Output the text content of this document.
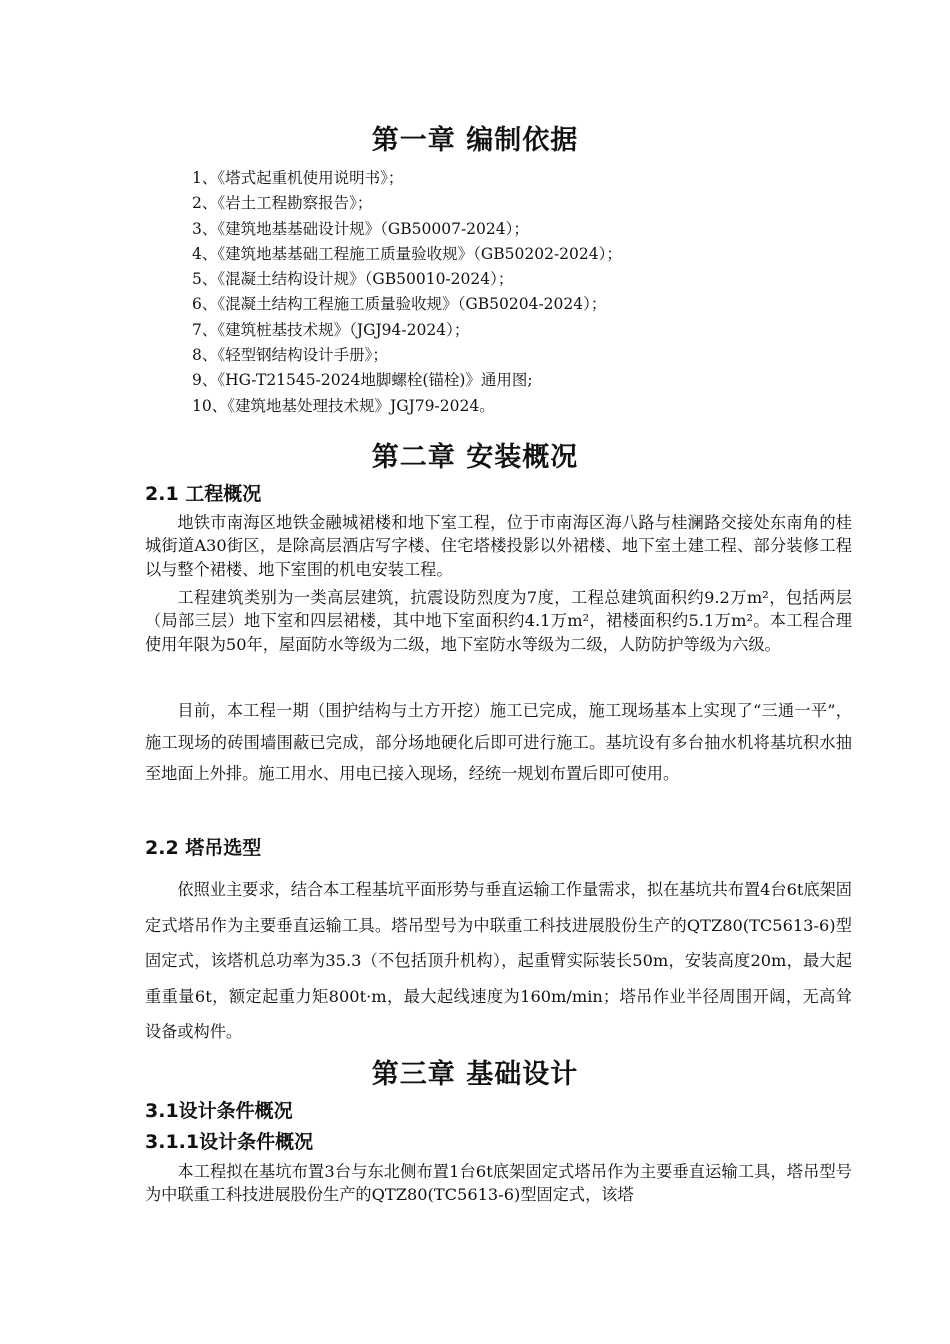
第一章 编制依据
1、《塔式起重机使用说明书》；
2、《岩土工程勘察报告》；
3、《建筑地基基础设计规》（GB50007-2024）；
4、《建筑地基基础工程施工质量验收规》（GB50202-2024）；
5、《混凝土结构设计规》（GB50010-2024）；
6、《混凝土结构工程施工质量验收规》（GB50204-2024）；
7、《建筑桩基技术规》（JGJ94-2024）；
8、《轻型钢结构设计手册》；
9、《HG-T21545-2024地脚螺栓(锚栓)》通用图;
10、《建筑地基处理技术规》JGJ79-2024。
第二章 安装概况
2.1 工程概况

地铁市南海区地铁金融城裙楼和地下室工程，位于市南海区海八路与桂澜路交接处东南角的桂城街道A30街区，是除高层酒店写字楼、住宅塔楼投影以外裙楼、地下室土建工程、部分装修工程以与整个裙楼、地下室围的机电安装工程。

工程建筑类别为一类高层建筑，抗震设防烈度为7度，工程总建筑面积约9.2万m²，包括两层（局部三层）地下室和四层裙楼，其中地下室面积约4.1万m²，裙楼面积约5.1万m²。本工程合理使用年限为50年，屋面防水等级为二级，地下室防水等级为二级，人防防护等级为六级。

目前，本工程一期（围护结构与土方开挖）施工已完成，施工现场基本上实现了“三通一平”，施工现场的砖围墙围蔽已完成，部分场地硬化后即可进行施工。基坑设有多台抽水机将基坑积水抽至地面上外排。施工用水、用电已接入现场，经统一规划布置后即可使用。

2.2 塔吊选型

依照业主要求，结合本工程基坑平面形势与垂直运输工作量需求，拟在基坑共布置4台6t底架固定式塔吊作为主要垂直运输工具。塔吊型号为中联重工科技进展股份生产的QTZ80(TC5613-6)型固定式，该塔机总功率为35.3（不包括顶升机构），起重臂实际装长50m，安装高度20m，最大起重重量6t，额定起重力矩800t·m，最大起线速度为160m/min；塔吊作业半径周围开阔，无高耸设备或构件。

第三章 基础设计
3.1设计条件概况
3.1.1设计条件概况

本工程拟在基坑布置3台与东北侧布置1台6t底架固定式塔吊作为主要垂直运输工具，塔吊型号为中联重工科技进展股份生产的QTZ80(TC5613-6)型固定式，该塔
